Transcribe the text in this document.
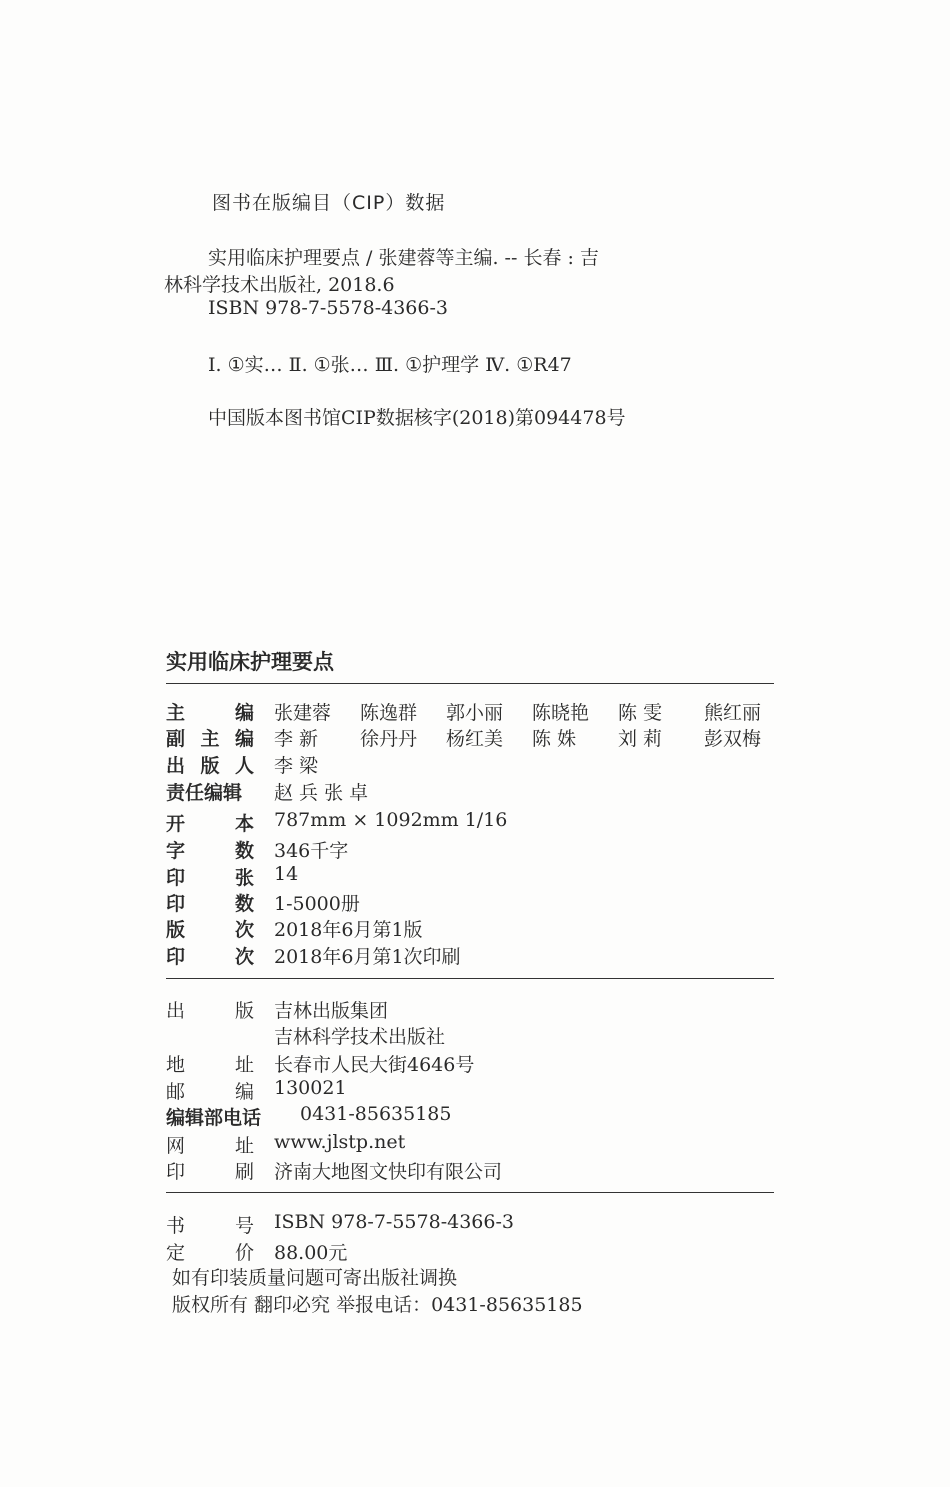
图书在版编目（CIP）数据
实用临床护理要点 / 张建蓉等主编. -- 长春 : 吉
林科学技术出版社, 2018.6
ISBN 978-7-5578-4366-3
Ⅰ. ①实… Ⅱ. ①张… Ⅲ. ①护理学 Ⅳ. ①R47
中国版本图书馆CIP数据核字(2018)第094478号
实用临床护理要点
主	编 张建蓉	陈逸群	郭小丽	陈晓艳	陈 雯	熊红丽
副 主 编 李 新	徐丹丹	杨红美	陈 姝	刘 莉	彭双梅
出 版 人 李 梁
责任编辑	赵 兵 张 卓
开	本 787mm × 1092mm 1/16
字	数 346千字
印	张 14
印	数 1-5000册
版	次 2018年6月第1版
印	次 2018年6月第1次印刷
出	版 吉林出版集团
吉林科学技术出版社
地	址 长春市人民大街4646号
邮	编 130021
编辑部电话	0431-85635185
网	址 www.jlstp.net
印	刷 济南大地图文快印有限公司
书	号 ISBN 978-7-5578-4366-3
定	价 88.00元
如有印装质量问题可寄出版社调换
版权所有 翻印必究 举报电话：0431-85635185
